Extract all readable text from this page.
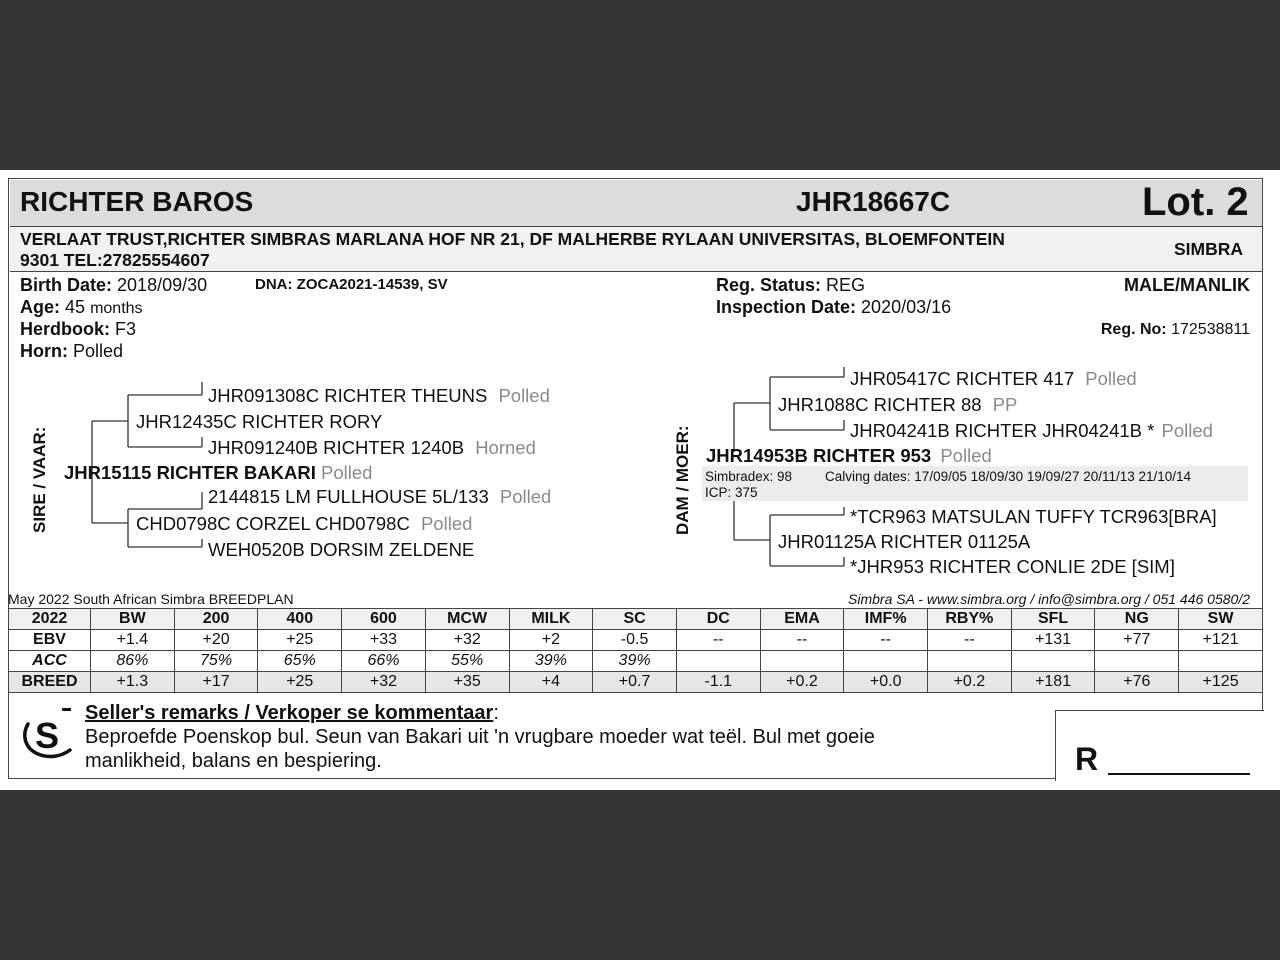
RICHTER BAROS	JHR18667C	Lot. 2
VERLAAT TRUST,RICHTER SIMBRAS MARLANA HOF NR 21, DF MALHERBE RYLAAN UNIVERSITAS, BLOEMFONTEIN
9301 TEL:27825554607
SIMBRA
Birth Date: 2018/09/30	DNA: ZOCA2021-14539, SV
Age: 45 months
Herdbook: F3
Horn: Polled
Reg. Status: REG
Inspection Date: 2020/03/16
MALE/MANLIK
Reg. No: 172538811
SIRE / VAAR:
JHR091308C RICHTER THEUNS Polled
JHR12435C RICHTER RORY
JHR091240B RICHTER 1240B Horned
JHR15115 RICHTER BAKARI Polled
2144815 LM FULLHOUSE 5L/133 Polled
CHD0798C CORZEL CHD0798C Polled
WEH0520B DORSIM ZELDENE
DAM / MOER:
JHR05417C RICHTER 417 Polled
JHR1088C RICHTER 88 PP
JHR04241B RICHTER JHR04241B * Polled
JHR14953B RICHTER 953 Polled
Simbradex: 98 Calving dates: 17/09/05 18/09/30 19/09/27 20/11/13 21/10/14
ICP: 375
*TCR963 MATSULAN TUFFY TCR963[BRA]
JHR01125A RICHTER 01125A
*JHR953 RICHTER CONLIE 2DE [SIM]
May 2022 South African Simbra BREEDPLAN	Simbra SA - www.simbra.org / info@simbra.org / 051 446 0580/2
2022	BW	200	400	600	MCW	MILK	SC	DC	EMA	IMF%	RBY%	SFL	NG	SW
EBV	+1.4	+20	+25	+33	+32	+2	-0.5	--	--	--	--	+131	+77	+121
ACC	86%	75%	65%	66%	55%	39%	39%							
BREED	+1.3	+17	+25	+32	+35	+4	+0.7	-1.1	+0.2	+0.0	+0.2	+181	+76	+125
S
Seller's remarks / Verkoper se kommentaar:
Beproefde Poenskop bul. Seun van Bakari uit 'n vrugbare moeder wat teël. Bul met goeie
manlikheid, balans en bespiering.	R
